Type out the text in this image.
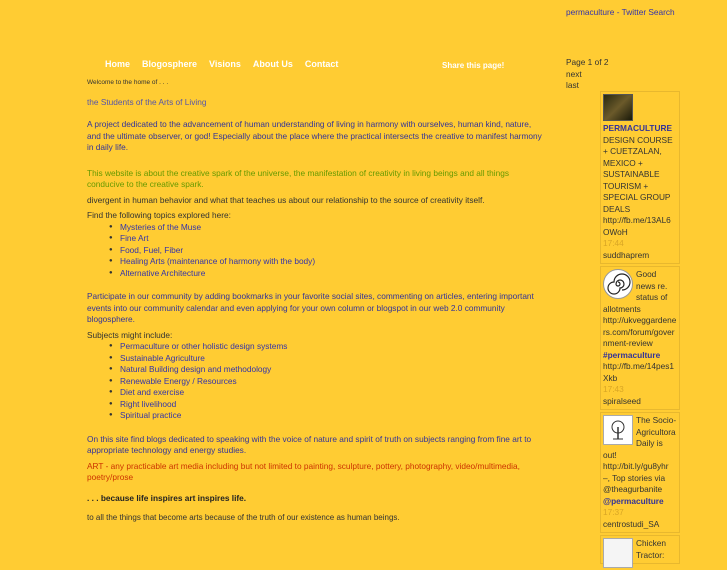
Home Blogosphere Visions About Us Contact	Share this page!
Welcome to the home of . . .
the Students of the Arts of Living
A project dedicated to the advancement of human understanding of living in harmony with ourselves, human kind, nature, and the ultimate observer, or god! Especially about the place where the practical intersects the creative to manifest harmony in daily life.
This website is about the creative spark of the universe, the manifestation of creativity in living beings and all things conducive to the creative spark.
divergent in human behavior and what that teaches us about our relationship to the source of creativity itself.
Find the following topics explored here:
● Mysteries of the Muse
● Fine Art
● Food, Fuel, Fiber
● Healing Arts (maintenance of harmony with the body)
● Alternative Architecture
Participate in our community by adding bookmarks in your favorite social sites, commenting on articles, entering important events into our community calendar and even applying for your own column or blogspot in our web 2.0 community blogosphere.
Subjects might include:
● Permaculture or other holistic design systems
● Sustainable Agriculture
● Natural Building design and methodology
● Renewable Energy / Resources
● Diet and exercise
● Right livelihood
● Spiritual practice
On this site find blogs dedicated to speaking with the voice of nature and spirit of truth on subjects ranging from fine art to appropriate technology and energy studies.
ART - any practicable art media including but not limited to painting, sculpture, pottery, photography, video/multimedia, poetry/prose
. . . because life inspires art inspires life.
to all the things that become arts because of the truth of our existence as human beings.
permaculture - Twitter Search
Page 1 of 2
next
last
PERMACULTURE DESIGN COURSE + CUETZALAN, MEXICO + SUSTAINABLE TOURISM + SPECIAL GROUP DEALS http://fb.me/13AL6OWoH
17:44
suddhaprem
Good news re. status of allotments http://ukveggardeners.com/forum/government-review #permaculture http://fb.me/14pes1Xkb
17:43
spiralseed
The Socio-Agricultora Daily is out! http://bit.ly/gu8yhr –, Top stories via @theagurbanite @permaculture
17:37
centrostudi_SA
Chicken Tractor:
